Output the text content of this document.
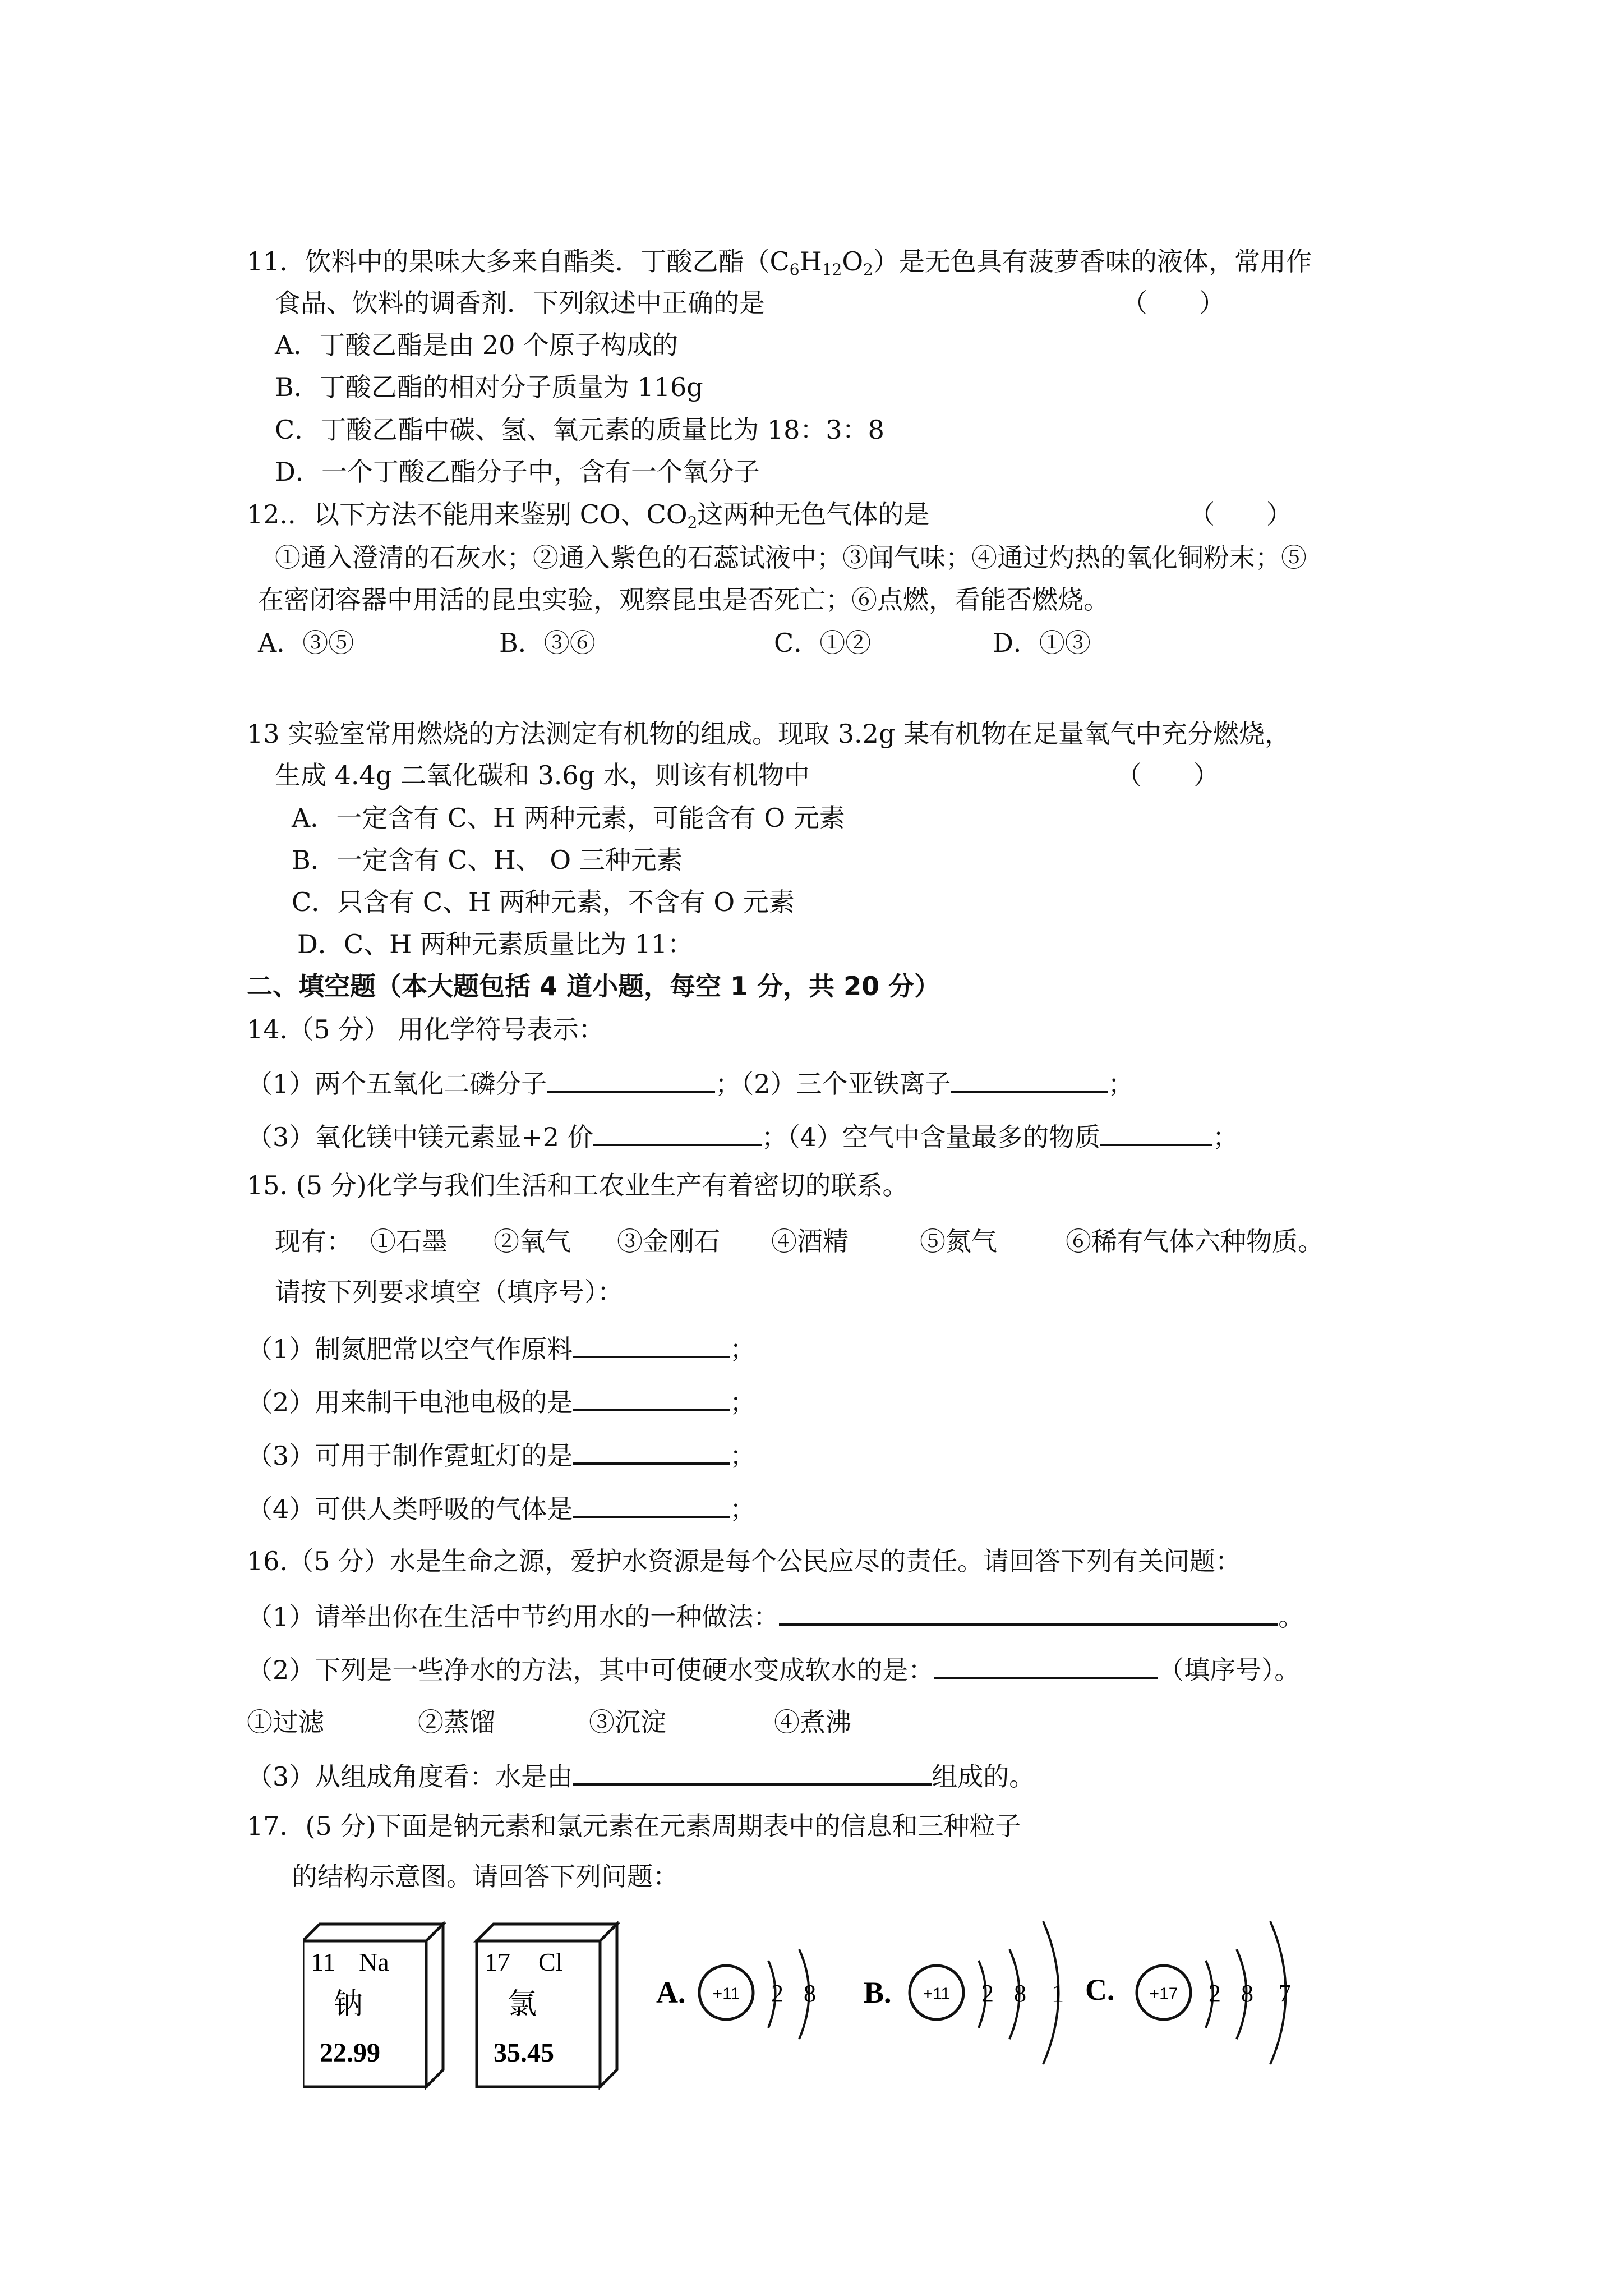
11．饮料中的果味大多来自酯类．丁酸乙酯$(C_6H_{12}O_2)$是无色具有菠萝香味的液体，常用作
食品、饮料的调香剂．下列叙述中正确的是	（　　）
A．丁酸乙酯是由 20 个原子构成的
B．丁酸乙酯的相对分子质量为 116g
C．丁酸乙酯中碳、氢、氧元素的质量比为 18：3：8
D．一个丁酸乙酯分子中，含有一个氧分子
12.．以下方法不能用来鉴别 CO、$CO_2$这两种无色气体的是	（　　）
①通入澄清的石灰水；②通入紫色的石蕊试液中；③闻气味；④通过灼热的氧化铜粉末；⑤
在密闭容器中用活的昆虫实验，观察昆虫是否死亡；⑥点燃，看能否燃烧。
A．③⑤	B．③⑥	C．①②	D．①③
13 实验室常用燃烧的方法测定有机物的组成。现取 3.2g 某有机物在足量氧气中充分燃烧，
生成 4.4g 二氧化碳和 3.6g 水，则该有机物中	（　　）
A．一定含有 C、H 两种元素，可能含有 O 元素
B．一定含有 C、H、 O 三种元素
C．只含有 C、H 两种元素，不含有 O 元素
D．C、H 两种元素质量比为 11：
二、填空题（本大题包括 4 道小题，每空 1 分，共 20 分）
14.（5 分） 用化学符号表示：
（1）两个五氧化二磷分子	；（2）三个亚铁离子	；
（3）氧化镁中镁元素显+2 价	；（4）空气中含量最多的物质	；
15. (5 分)化学与我们生活和工农业生产有着密切的联系。
现有： ①石墨 ②氧气 ③金刚石 ④酒精	⑤氮气	⑥稀有气体六种物质。
请按下列要求填空（填序号）：
（1）制氮肥常以空气作原料	；
（2）用来制干电池电极的是	；
（3）可用于制作霓虹灯的是	；
（4）可供人类呼吸的气体是	；
16.（5 分）水是生命之源，爱护水资源是每个公民应尽的责任。请回答下列有关问题：
（1）请举出你在生活中节约用水的一种做法：	。
（2）下列是一些净水的方法，其中可使硬水变成软水的是：	（填序号）。
①过滤	②蒸馏	③沉淀	④煮沸
（3）从组成角度看：水是由	组成的。
17．(5 分)下面是钠元素和氯元素在元素周期表中的信息和三种粒子
的结构示意图。请回答下列问题：
11 Na
钠
22.99
17 Cl
氯
35.45
A. +11 2 8 B. +11 2 8 1 C. +17 2 8 7
